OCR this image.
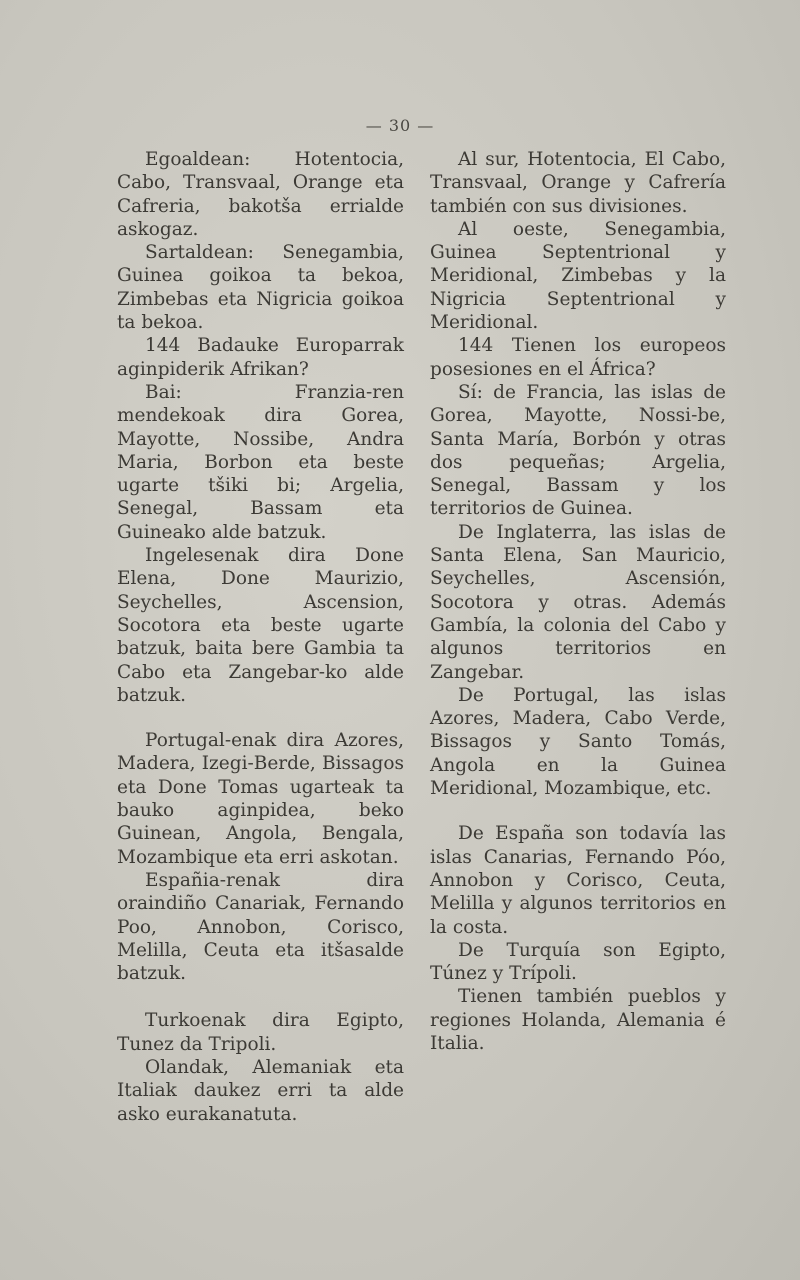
— 30 —

Egoaldean: Hotentocia, Cabo, Transvaal, Orange eta Cafreria, bakotša errialde askogaz.

Sartaldean: Senegambia, Guinea goikoa ta bekoa, Zimbebas eta Nigricia goikoa ta bekoa.

144 Badauke Europarrak aginpiderik Afrikan?

Bai: Franzia-ren mendekoak dira Gorea, Mayotte, Nossibe, Andra Maria, Borbon eta beste ugarte tšiki bi; Argelia, Senegal, Bassam eta Guineako alde batzuk.

Ingelesenak dira Done Elena, Done Maurizio, Seychelles, Ascension, Socotora eta beste ugarte batzuk, baita bere Gambia ta Cabo eta Zangebar-ko alde batzuk.

Portugal-enak dira Azores, Madera, Izegi-Berde, Bissagos eta Done Tomas ugarteak ta bauko aginpidea, beko Guinean, Angola, Bengala, Mozambique eta erri askotan.

Españia-renak dira oraindiño Canariak, Fernando Poo, Annobon, Corisco, Melilla, Ceuta eta itšasalde batzuk.

Turkoenak dira Egipto, Tunez da Tripoli.

Olandak, Alemaniak eta Italiak daukez erri ta alde asko eurakanatuta.

Al sur, Hotentocia, El Cabo, Transvaal, Orange y Cafrería también con sus divisiones.

Al oeste, Senegambia, Guinea Septentrional y Meridional, Zimbebas y la Nigricia Septentrional y Meridional.

144 Tienen los europeos posesiones en el África?

Sí: de Francia, las islas de Gorea, Mayotte, Nossi-be, Santa María, Borbón y otras dos pequeñas; Argelia, Senegal, Bassam y los territorios de Guinea.

De Inglaterra, las islas de Santa Elena, San Mauricio, Seychelles, Ascensión, Socotora y otras. Además Gambía, la colonia del Cabo y algunos territorios en Zangebar.

De Portugal, las islas Azores, Madera, Cabo Verde, Bissagos y Santo Tomás, Angola en la Guinea Meridional, Mozambique, etc.

De España son todavía las islas Canarias, Fernando Póo, Annobon y Corisco, Ceuta, Melilla y algunos territorios en la costa.

De Turquía son Egipto, Túnez y Trípoli.

Tienen también pueblos y regiones Holanda, Alemania é Italia.
